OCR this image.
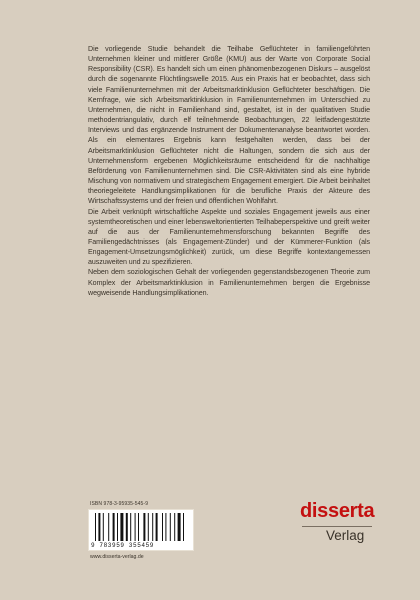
Die vorliegende Studie behandelt die Teilhabe Geflüchteter in familiengeführten Unternehmen kleiner und mittlerer Größe (KMU) aus der Warte von Corporate Social Responsibility (CSR). Es handelt sich um einen phänomenbezogenen Diskurs – ausgelöst durch die sogenannte Flüchtlingswelle 2015. Aus ein Praxis hat er beobachtet, dass sich viele Familienunternehmen mit der Arbeitsmarktinklusion Geflüchteter beschäftigen. Die Kernfrage, wie sich Arbeitsmarktinklusion in Familienunternehmen im Unterschied zu Unternehmen, die nicht in Familienhand sind, gestaltet, ist in der qualitativen Studie methodentriangulativ, durch elf teilnehmende Beobachtungen, 22 leitfadengestützte Interviews und das ergänzende Instrument der Dokumentenanalyse beantwortet worden. Als ein elementares Ergebnis kann festgehalten werden, dass bei der Arbeitsmarktinklusion Geflüchteter nicht die Haltungen, sondern die sich aus der Unternehmensform ergebenen Möglichkeitsräume entscheidend für die nachhaltige Beförderung von Familienunternehmen sind. Die CSR-Aktivitäten sind als eine hybride Mischung von normativem und strategischem Engagement emergiert. Die Arbeit beinhaltet theoriegeleitete Handlungsimplikationen für die berufliche Praxis der Akteure des Wirtschaftssystems und der freien und öffentlichen Wohlfahrt.

Die Arbeit verknüpft wirtschaftliche Aspekte und soziales Engagement jeweils aus einer systemtheoretischen und einer lebensweltorientierten Teilhabeperspektive und greift weiter auf die aus der Familienunternehmensforschung bekannten Begriffe des Familiengedächtnisses (als Engagement-Zünder) und der Kümmerer-Funktion (als Engagement-Umsetzungsmöglichkeit) zurück, um diese Begriffe kontextangemessen auszuweiten und zu spezifizieren.

Neben dem soziologischen Gehalt der vorliegenden gegenstandsbezogenen Theorie zum Komplex der Arbeitsmarktinklusion in Familienunternehmen bergen die Ergebnisse wegweisende Handlungsimplikationen.

ISBN 978-3-95935-545-9
9 783959 355459
www.disserta-verlag.de
disserta
Verlag
